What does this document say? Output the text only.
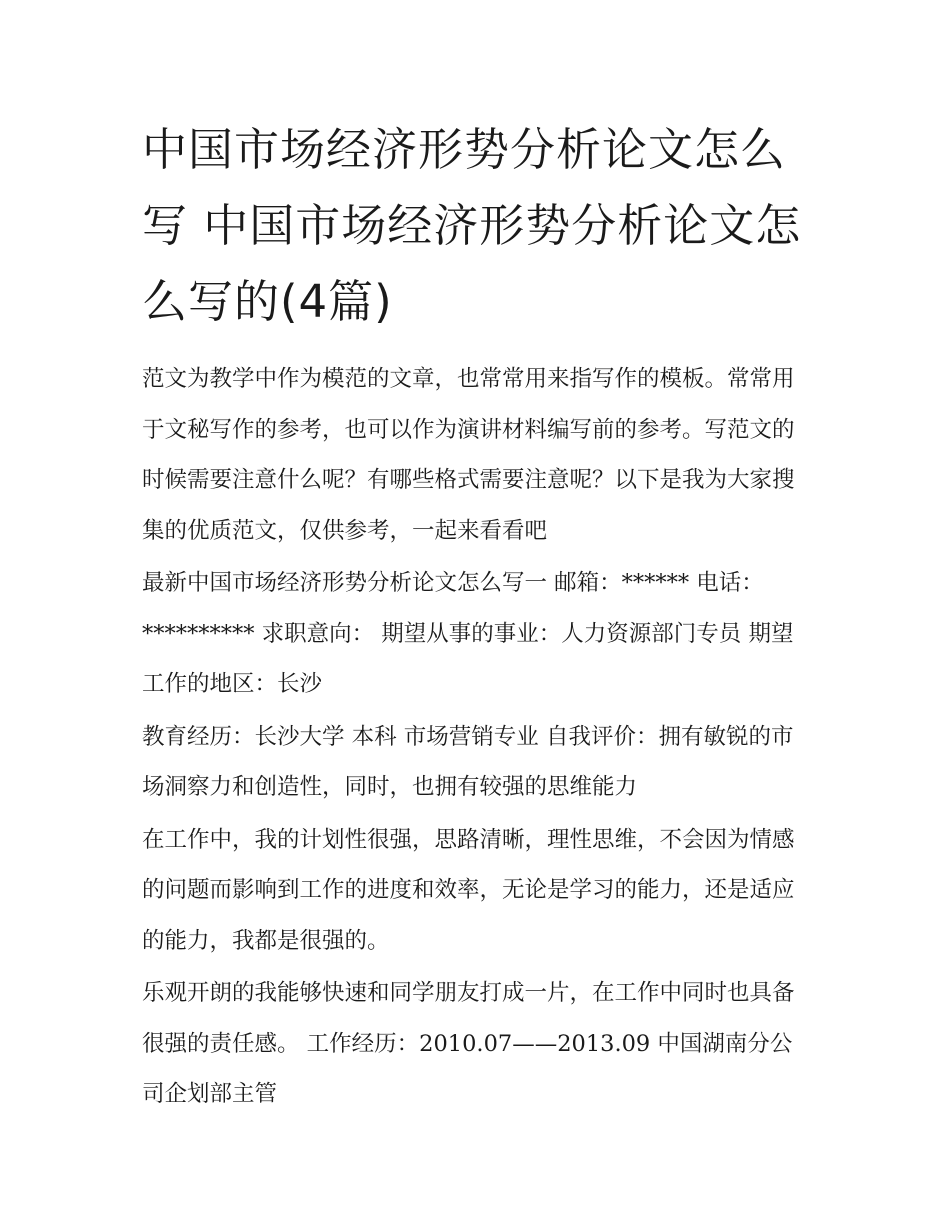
中国市场经济形势分析论文怎么写 中国市场经济形势分析论文怎么写的(4篇)

范文为教学中作为模范的文章，也常常用来指写作的模板。常常用于文秘写作的参考，也可以作为演讲材料编写前的参考。写范文的时候需要注意什么呢？有哪些格式需要注意呢？以下是我为大家搜集的优质范文，仅供参考，一起来看看吧

最新中国市场经济形势分析论文怎么写一 邮箱：****** 电话：********** 求职意向： 期望从事的事业：人力资源部门专员 期望工作的地区：长沙

教育经历：长沙大学 本科 市场营销专业 自我评价：拥有敏锐的市场洞察力和创造性，同时，也拥有较强的思维能力

在工作中，我的计划性很强，思路清晰，理性思维，不会因为情感的问题而影响到工作的进度和效率，无论是学习的能力，还是适应的能力，我都是很强的。

乐观开朗的我能够快速和同学朋友打成一片，在工作中同时也具备很强的责任感。 工作经历：2010.07——2013.09 中国湖南分公司企划部主管
